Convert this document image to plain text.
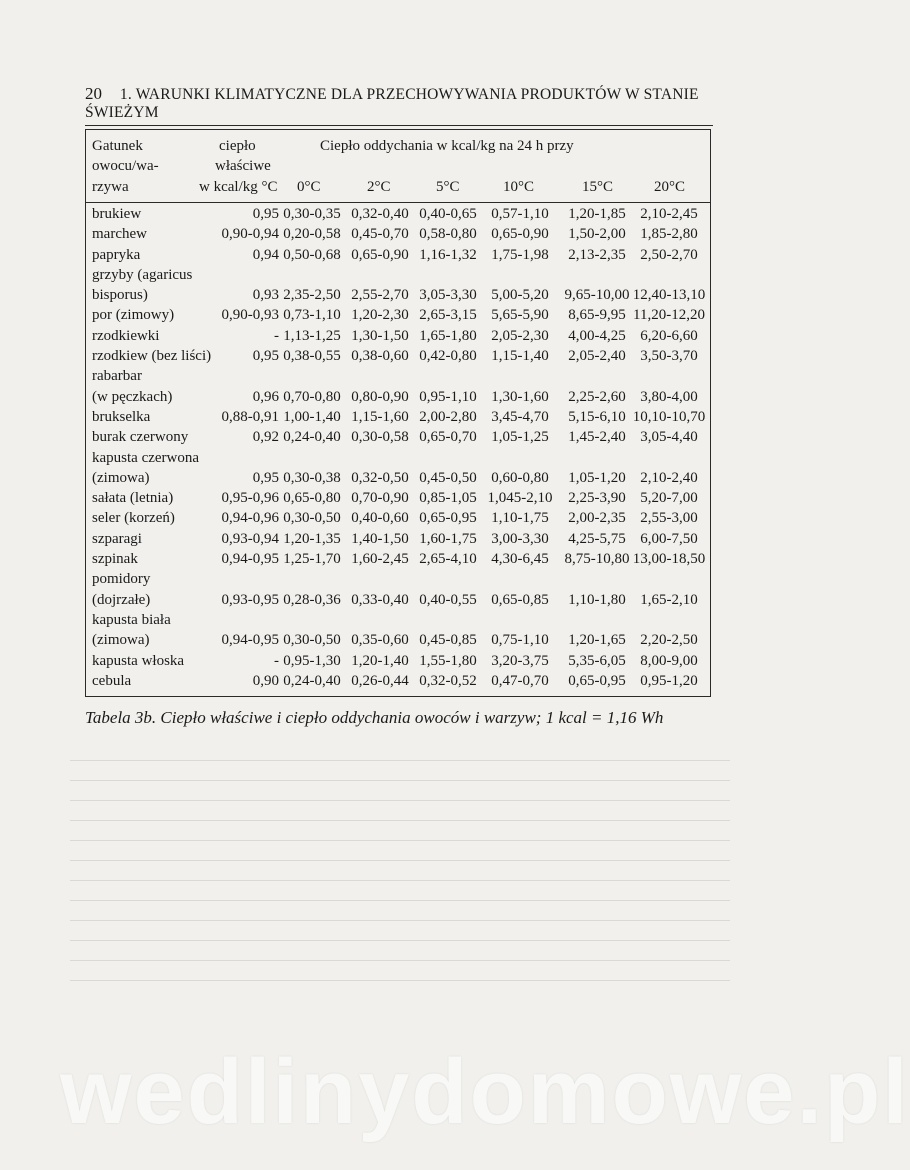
20 1. WARUNKI KLIMATYCZNE DLA PRZECHOWYWANIA PRODUKTÓW W STANIE ŚWIEŻYM
Gatunek
owocu/wa-
rzywa
ciepło
właściwe
w kcal/kg °C
Ciepło oddychania w kcal/kg na 24 h przy
0°C	2°C	5°C	10°C	15°C	20°C
brukiew	0,95 0,30-0,35 0,32-0,40 0,40-0,65 0,57-1,10	1,20-1,85 2,10-2,45
marchew	0,90-0,94 0,20-0,58 0,45-0,70 0,58-0,80 0,65-0,90	1,50-2,00 1,85-2,80
papryka	0,94 0,50-0,68 0,65-0,90 1,16-1,32 1,75-1,98	2,13-2,35 2,50-2,70
grzyby (agaricus
bisporus)	0,93 2,35-2,50 2,55-2,70 3,05-3,30 5,00-5,20	9,65-10,00 12,40-13,10
por (zimowy)	0,90-0,93 0,73-1,10 1,20-2,30 2,65-3,15 5,65-5,90	8,65-9,95 11,20-12,20
rzodkiewki	- 1,13-1,25 1,30-1,50 1,65-1,80 2,05-2,30	4,00-4,25 6,20-6,60
rzodkiew (bez liści)	0,95 0,38-0,55 0,38-0,60 0,42-0,80 1,15-1,40	2,05-2,40 3,50-3,70
rabarbar
(w pęczkach)	0,96 0,70-0,80 0,80-0,90 0,95-1,10 1,30-1,60	2,25-2,60 3,80-4,00
brukselka	0,88-0,91 1,00-1,40 1,15-1,60 2,00-2,80 3,45-4,70	5,15-6,10 10,10-10,70
burak czerwony	0,92 0,24-0,40 0,30-0,58 0,65-0,70 1,05-1,25	1,45-2,40 3,05-4,40
kapusta czerwona
(zimowa)	0,95 0,30-0,38 0,32-0,50 0,45-0,50 0,60-0,80	1,05-1,20 2,10-2,40
sałata (letnia)	0,95-0,96 0,65-0,80 0,70-0,90 0,85-1,05 1,045-2,10	2,25-3,90 5,20-7,00
seler (korzeń)	0,94-0,96 0,30-0,50 0,40-0,60 0,65-0,95 1,10-1,75	2,00-2,35 2,55-3,00
szparagi	0,93-0,94 1,20-1,35 1,40-1,50 1,60-1,75 3,00-3,30	4,25-5,75 6,00-7,50
szpinak	0,94-0,95 1,25-1,70 1,60-2,45 2,65-4,10 4,30-6,45	8,75-10,80 13,00-18,50
pomidory
(dojrzałe)	0,93-0,95 0,28-0,36 0,33-0,40 0,40-0,55 0,65-0,85	1,10-1,80 1,65-2,10
kapusta biała
(zimowa)	0,94-0,95 0,30-0,50 0,35-0,60 0,45-0,85 0,75-1,10	1,20-1,65 2,20-2,50
kapusta włoska	- 0,95-1,30 1,20-1,40 1,55-1,80 3,20-3,75	5,35-6,05 8,00-9,00
cebula	0,90 0,24-0,40 0,26-0,44 0,32-0,52 0,47-0,70	0,65-0,95 0,95-1,20
Tabela 3b. Ciepło właściwe i ciepło oddychania owoców i warzyw; 1 kcal = 1,16 Wh
wedlinydomowe.pl
